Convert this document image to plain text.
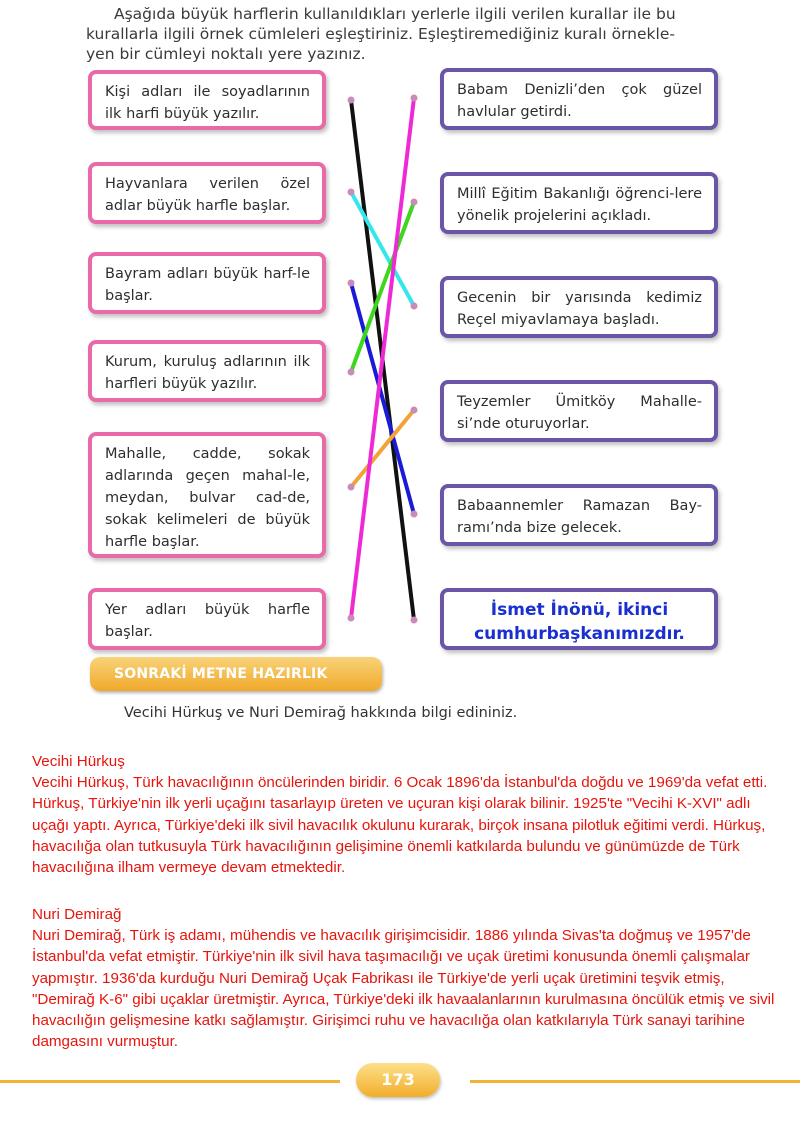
Aşağıda büyük harflerin kullanıldıkları yerlerle ilgili verilen kurallar ile bu
kurallarla ilgili örnek cümleleri eşleştiriniz. Eşleştiremediğiniz kuralı örnekle-
yen bir cümleyi noktalı yere yazınız.
Kişi adları ile soyadlarının ilk harfi büyük yazılır.
Hayvanlara verilen özel adlar büyük harfle başlar.
Bayram adları büyük harf-le başlar.
Kurum, kuruluş adlarının ilk harfleri büyük yazılır.
Mahalle, cadde, sokak adlarında geçen mahal-le, meydan, bulvar cad-de, sokak kelimeleri de büyük harfle başlar.
Yer adları büyük harfle başlar.
Babam Denizli’den çok güzel havlular getirdi.
Millî Eğitim Bakanlığı öğrenci-lere yönelik projelerini açıkladı.
Gecenin bir yarısında kedimiz Reçel miyavlamaya başladı.
Teyzemler Ümitköy Mahalle-si’nde oturuyorlar.
Babaannemler Ramazan Bay-ramı’nda bize gelecek.
İsmet İnönü, ikinci cumhurbaşkanımızdır.
SONRAKİ METNE HAZIRLIK
Vecihi Hürkuş ve Nuri Demirağ hakkında bilgi edininiz.
Vecihi Hürkuş
Vecihi Hürkuş, Türk havacılığının öncülerinden biridir. 6 Ocak 1896'da İstanbul'da doğdu ve 1969'da vefat etti. Hürkuş, Türkiye'nin ilk yerli uçağını tasarlayıp üreten ve uçuran kişi olarak bilinir. 1925'te "Vecihi K-XVI" adlı uçağı yaptı. Ayrıca, Türkiye'deki ilk sivil havacılık okulunu kurarak, birçok insana pilotluk eğitimi verdi. Hürkuş, havacılığa olan tutkusuyla Türk havacılığının gelişimine önemli katkılarda bulundu ve günümüzde de Türk havacılığına ilham vermeye devam etmektedir.
Nuri Demirağ
Nuri Demirağ, Türk iş adamı, mühendis ve havacılık girişimcisidir. 1886 yılında Sivas'ta doğmuş ve 1957'de İstanbul'da vefat etmiştir. Türkiye'nin ilk sivil hava taşımacılığı ve uçak üretimi konusunda önemli çalışmalar yapmıştır. 1936'da kurduğu Nuri Demirağ Uçak Fabrikası ile Türkiye'de yerli uçak üretimini teşvik etmiş, "Demirağ K-6" gibi uçaklar üretmiştir. Ayrıca, Türkiye'deki ilk havaalanlarının kurulmasına öncülük etmiş ve sivil havacılığın gelişmesine katkı sağlamıştır. Girişimci ruhu ve havacılığa olan katkılarıyla Türk sanayi tarihine damgasını vurmuştur.
173
